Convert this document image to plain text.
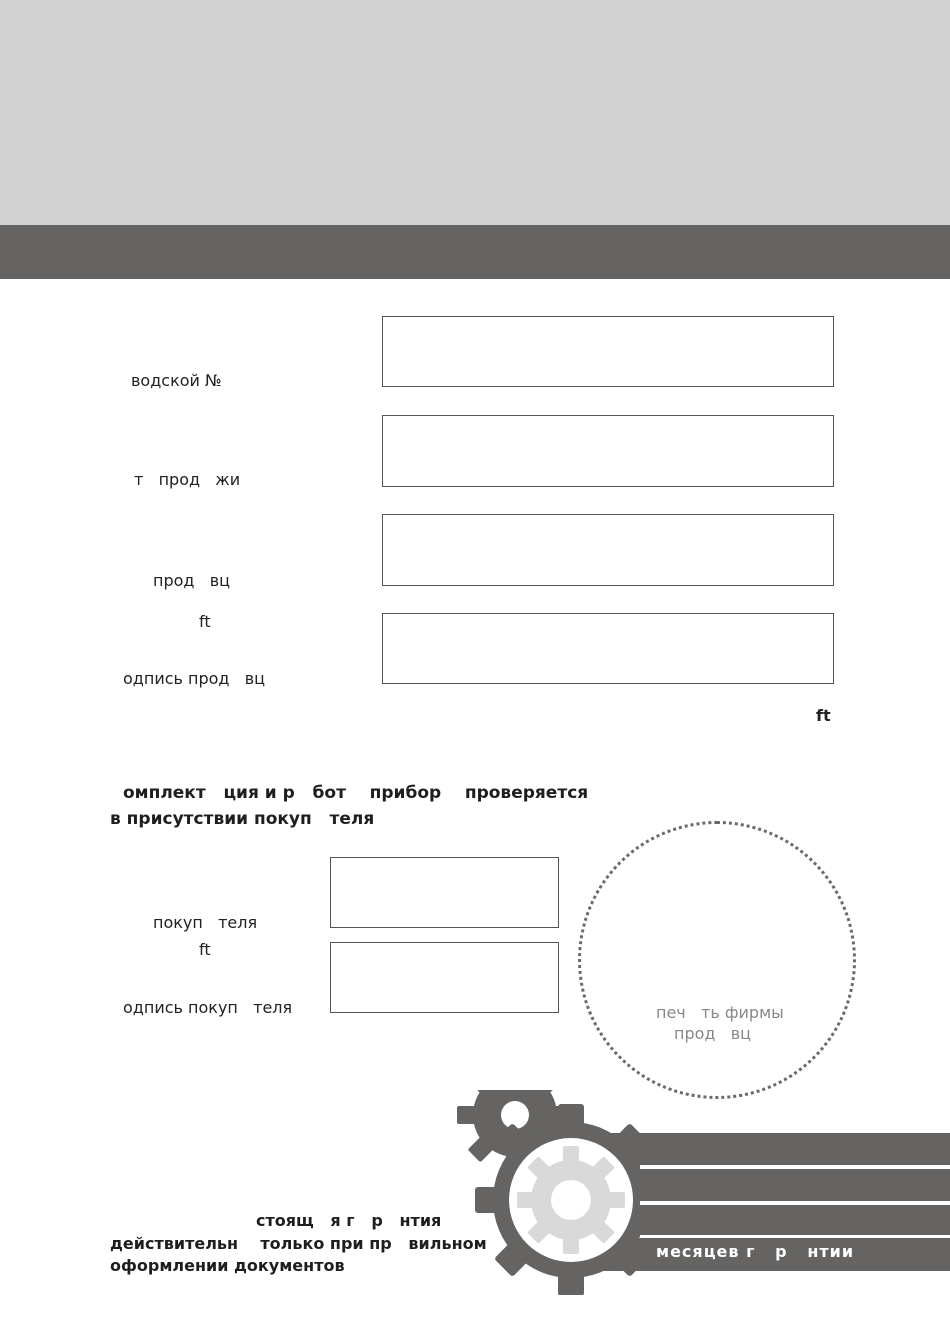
водской №
т   прод   жи
прод   вц
ft
одпись прод   вц
ft
омплект   ция и р   бот    прибор    проверяется
в присутствии покуп   теля
покуп   теля
ft
одпись покуп   теля	печ   ть фирмы
прод   вц
месяцев г   р   нтии
стоящ   я г   р   нтия
действительн    только при пр   вильном
оформлении документов
